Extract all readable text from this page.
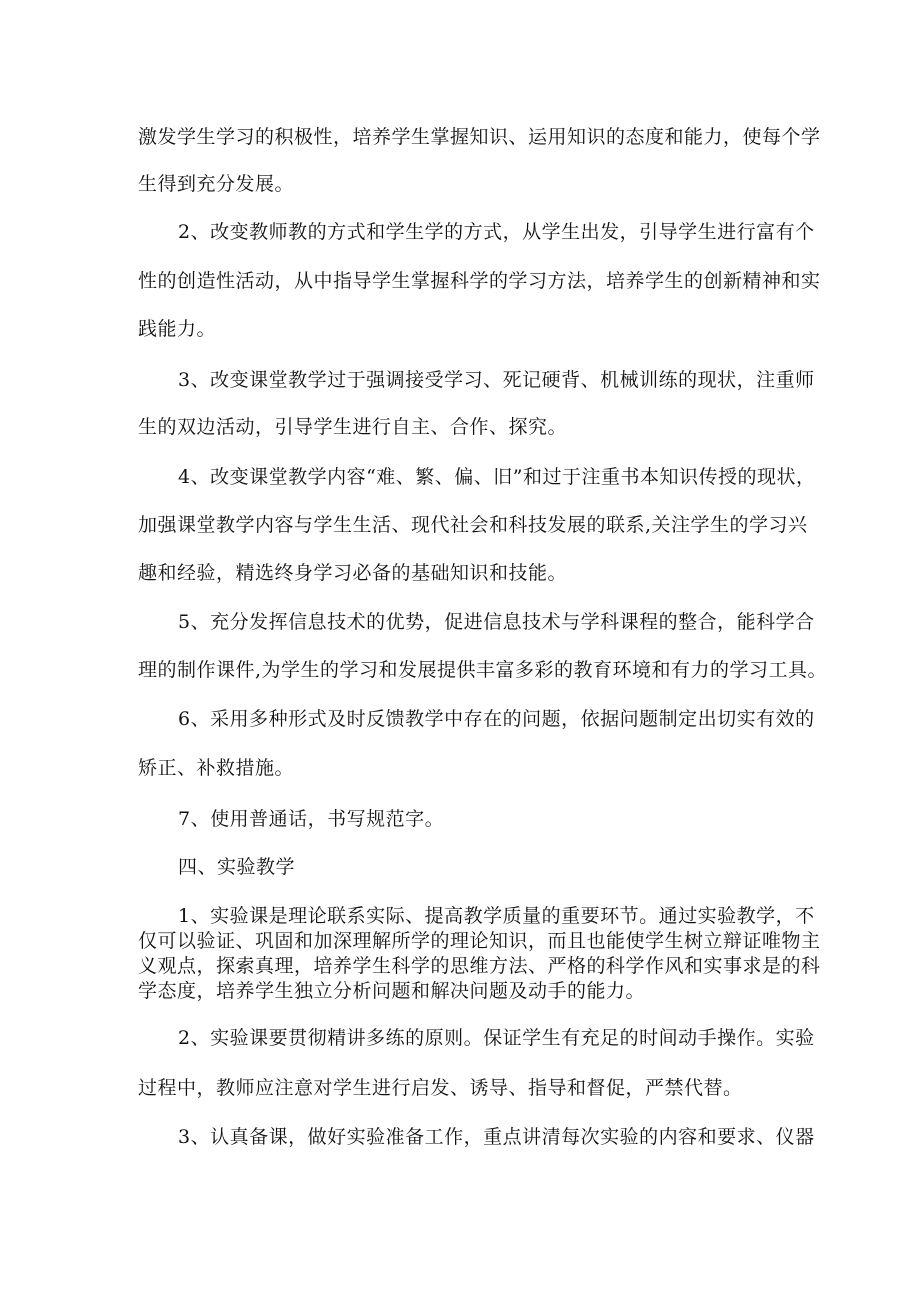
激发学生学习的积极性，培养学生掌握知识、运用知识的态度和能力，使每个学
生得到充分发展。
2、改变教师教的方式和学生学的方式，从学生出发，引导学生进行富有个
性的创造性活动，从中指导学生掌握科学的学习方法，培养学生的创新精神和实
践能力。
3、改变课堂教学过于强调接受学习、死记硬背、机械训练的现状，注重师
生的双边活动，引导学生进行自主、合作、探究。
4、改变课堂教学内容“难、繁、偏、旧”和过于注重书本知识传授的现状，
加强课堂教学内容与学生生活、现代社会和科技发展的联系,关注学生的学习兴
趣和经验，精选终身学习必备的基础知识和技能。
5、充分发挥信息技术的优势，促进信息技术与学科课程的整合，能科学合
理的制作课件,为学生的学习和发展提供丰富多彩的教育环境和有力的学习工具。
6、采用多种形式及时反馈教学中存在的问题，依据问题制定出切实有效的
矫正、补救措施。
7、使用普通话，书写规范字。
四、实验教学
1、实验课是理论联系实际、提高教学质量的重要环节。通过实验教学，不
仅可以验证、巩固和加深理解所学的理论知识，而且也能使学生树立辩证唯物主
义观点，探索真理，培养学生科学的思维方法、严格的科学作风和实事求是的科
学态度，培养学生独立分析问题和解决问题及动手的能力。
2、实验课要贯彻精讲多练的原则。保证学生有充足的时间动手操作。实验
过程中，教师应注意对学生进行启发、诱导、指导和督促，严禁代替。
3、认真备课，做好实验准备工作，重点讲清每次实验的内容和要求、仪器
